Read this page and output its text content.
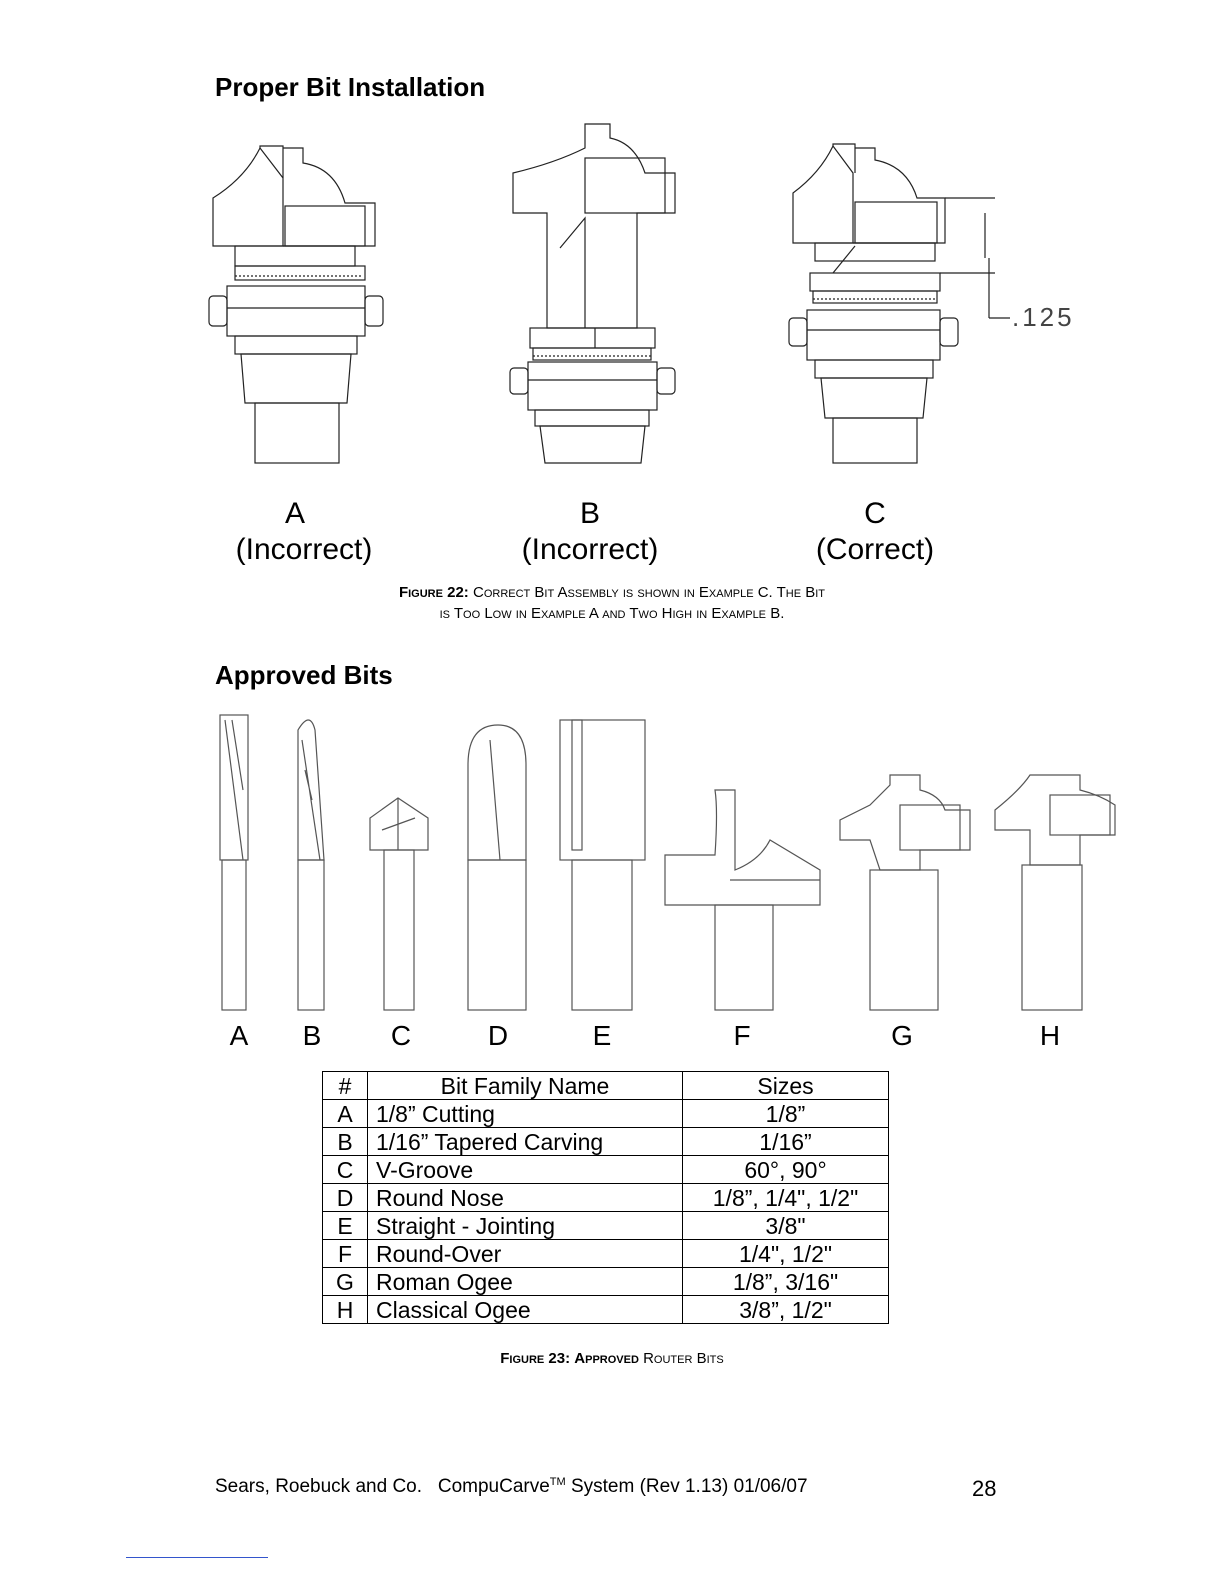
Proper Bit Installation
.125
A	B	C
(Incorrect)	(Incorrect)	(Correct)
Figure 22: Correct Bit Assembly is shown in Example C. The Bit
is Too Low in Example A and Two High in Example B.
Approved Bits
A	B	C	D	E	F	G	H
#	Bit Family Name	Sizes
A	1/8” Cutting	1/8”
B	1/16” Tapered Carving	1/16”
C	V-Groove	60°, 90°
D	Round Nose	1/8”, 1/4", 1/2"
E	Straight - Jointing	3/8"
F	Round-Over	1/4", 1/2"
G	Roman Ogee	1/8”, 3/16"
H	Classical Ogee	3/8”, 1/2"
Figure 23: Approved Router Bits
Sears, Roebuck and Co. CompuCarve™ System (Rev 1.13) 01/06/07	28
